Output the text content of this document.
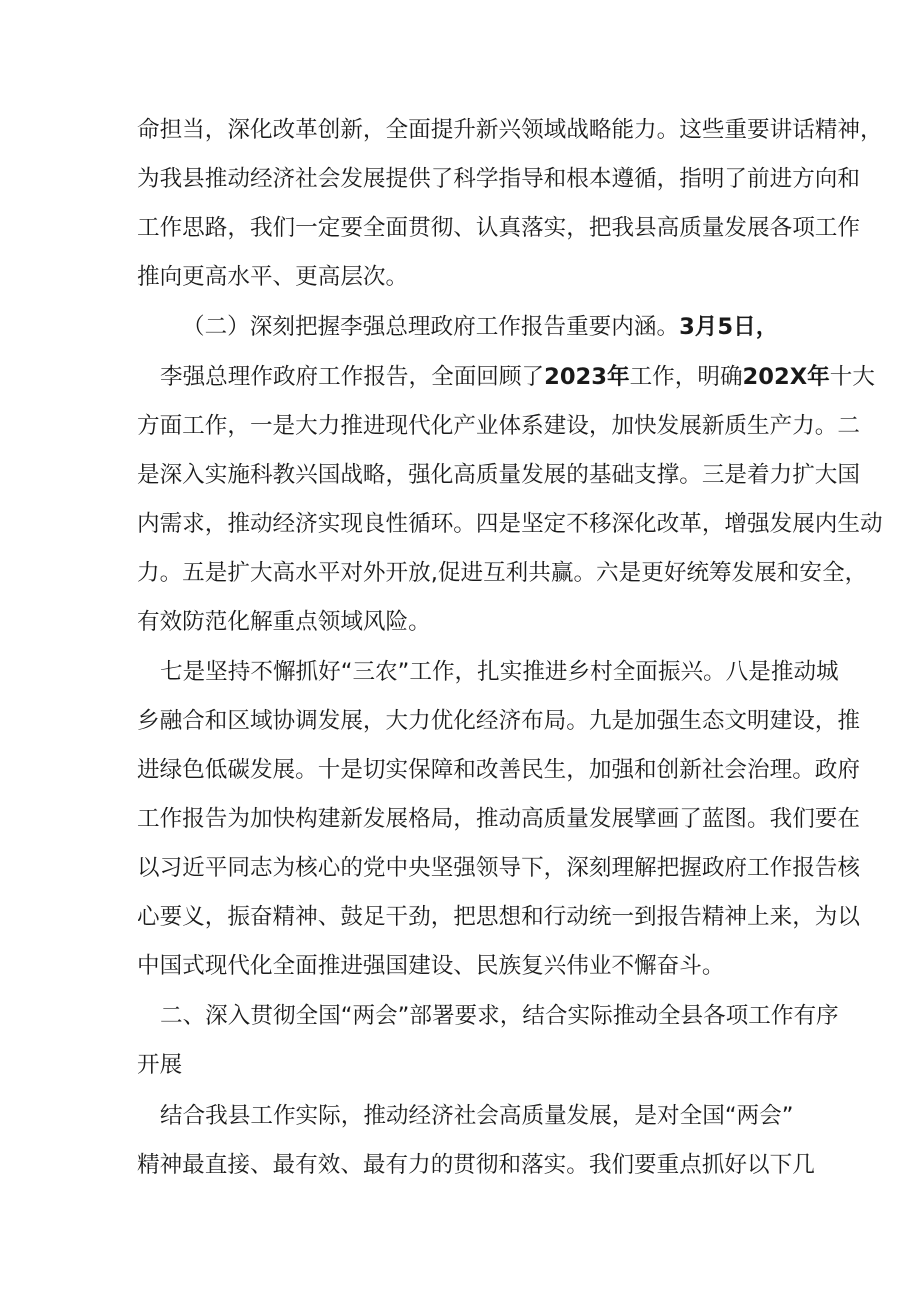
命担当，深化改革创新，全面提升新兴领域战略能力。这些重要讲话精神，
为我县推动经济社会发展提供了科学指导和根本遵循，指明了前进方向和
工作思路，我们一定要全面贯彻、认真落实，把我县高质量发展各项工作
推向更高水平、更高层次。
（二）深刻把握李强总理政府工作报告重要内涵。3月5日，
李强总理作政府工作报告，全面回顾了2023年工作，明确202X年十大
方面工作，一是大力推进现代化产业体系建设，加快发展新质生产力。二
是深入实施科教兴国战略，强化高质量发展的基础支撑。三是着力扩大国
内需求，推动经济实现良性循环。四是坚定不移深化改革，增强发展内生动
力。五是扩大高水平对外开放,促进互利共赢。六是更好统筹发展和安全，
有效防范化解重点领域风险。
七是坚持不懈抓好“三农”工作，扎实推进乡村全面振兴。八是推动城
乡融合和区域协调发展，大力优化经济布局。九是加强生态文明建设，推
进绿色低碳发展。十是切实保障和改善民生，加强和创新社会治理。政府
工作报告为加快构建新发展格局，推动高质量发展擘画了蓝图。我们要在
以习近平同志为核心的党中央坚强领导下，深刻理解把握政府工作报告核
心要义，振奋精神、鼓足干劲，把思想和行动统一到报告精神上来，为以
中国式现代化全面推进强国建设、民族复兴伟业不懈奋斗。
二、深入贯彻全国“两会”部署要求，结合实际推动全县各项工作有序
开展
结合我县工作实际，推动经济社会高质量发展，是对全国“两会”
精神最直接、最有效、最有力的贯彻和落实。我们要重点抓好以下几
